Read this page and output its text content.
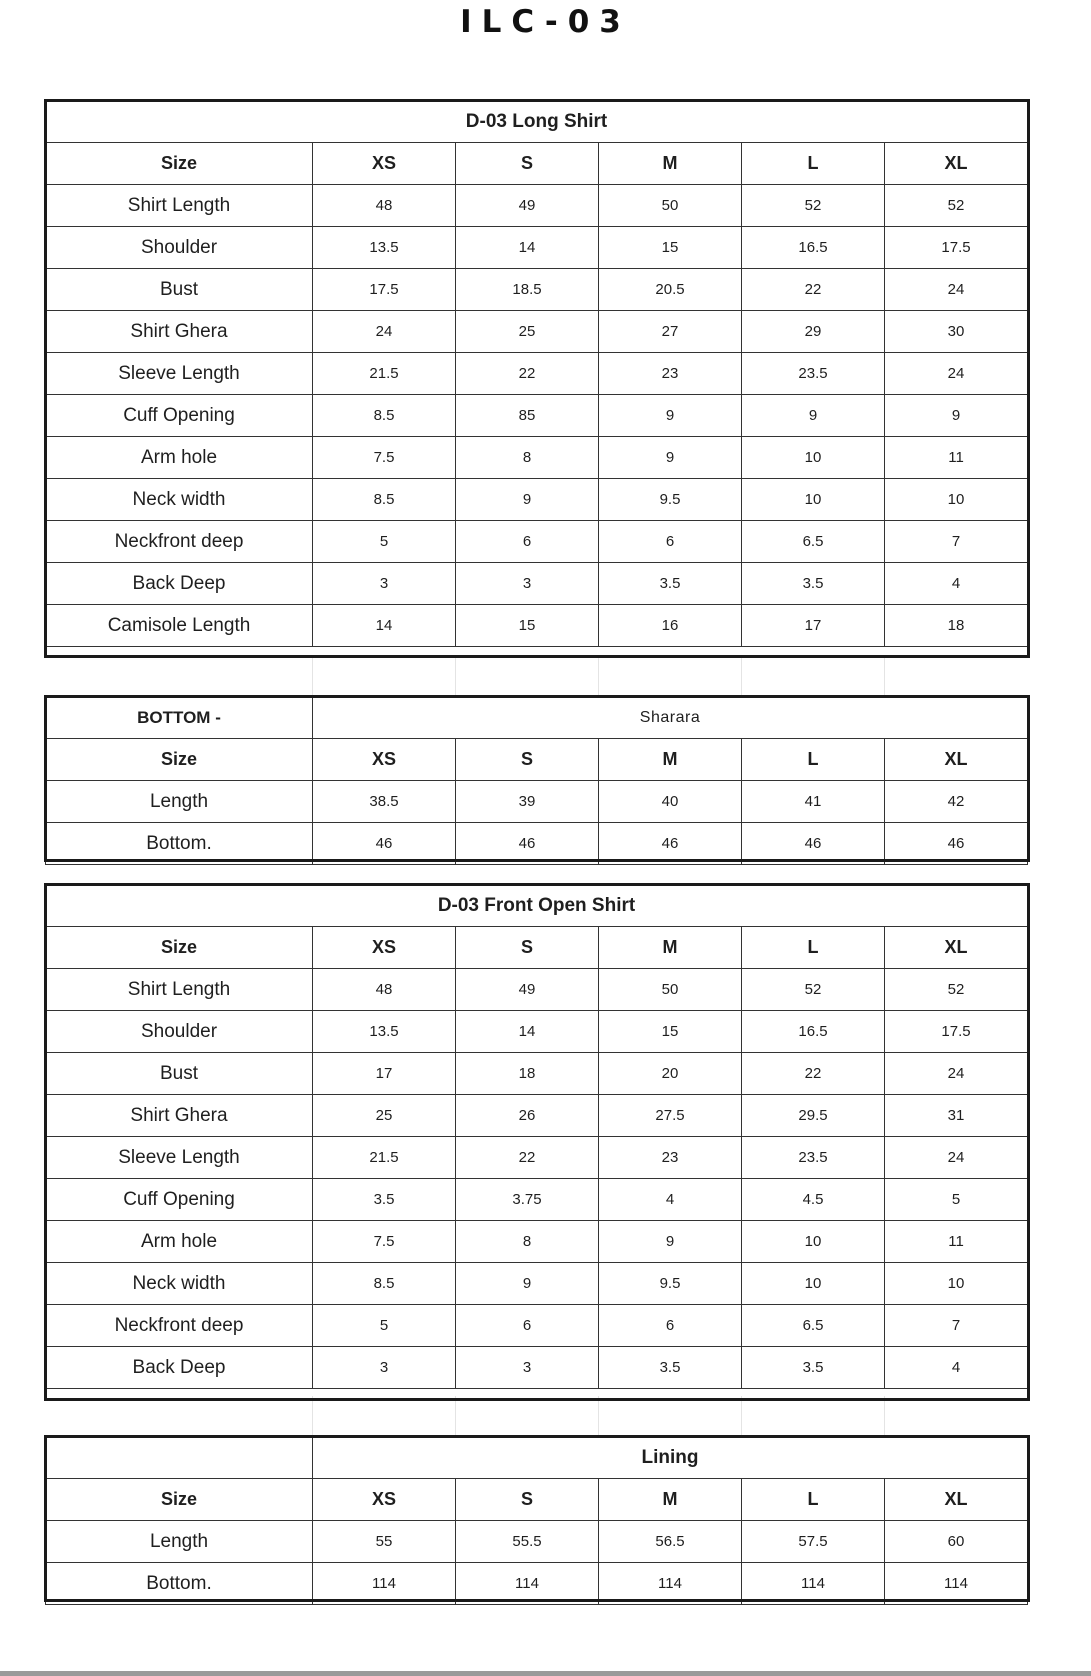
ILC-03
D-03 Long Shirt					
Size	XS	S	M	L	XL
Shirt Length	48	49	50	52	52
Shoulder	13.5	14	15	16.5	17.5
Bust	17.5	18.5	20.5	22	24
Shirt Ghera	24	25	27	29	30
Sleeve Length	21.5	22	23	23.5	24
Cuff Opening	8.5	85	9	9	9
Arm hole	7.5	8	9	10	11
Neck width	8.5	9	9.5	10	10
Neckfront deep	5	6	6	6.5	7
Back Deep	3	3	3.5	3.5	4
Camisole Length	14	15	16	17	18
BOTTOM -	Sharara				
Size	XS	S	M	L	XL
Length	38.5	39	40	41	42
Bottom.	46	46	46	46	46
D-03 Front Open Shirt					
Size	XS	S	M	L	XL
Shirt Length	48	49	50	52	52
Shoulder	13.5	14	15	16.5	17.5
Bust	17	18	20	22	24
Shirt Ghera	25	26	27.5	29.5	31
Sleeve Length	21.5	22	23	23.5	24
Cuff Opening	3.5	3.75	4	4.5	5
Arm hole	7.5	8	9	10	11
Neck width	8.5	9	9.5	10	10
Neckfront deep	5	6	6	6.5	7
Back Deep	3	3	3.5	3.5	4
	Lining				
Size	XS	S	M	L	XL
Length	55	55.5	56.5	57.5	60
Bottom.	114	114	114	114	114
